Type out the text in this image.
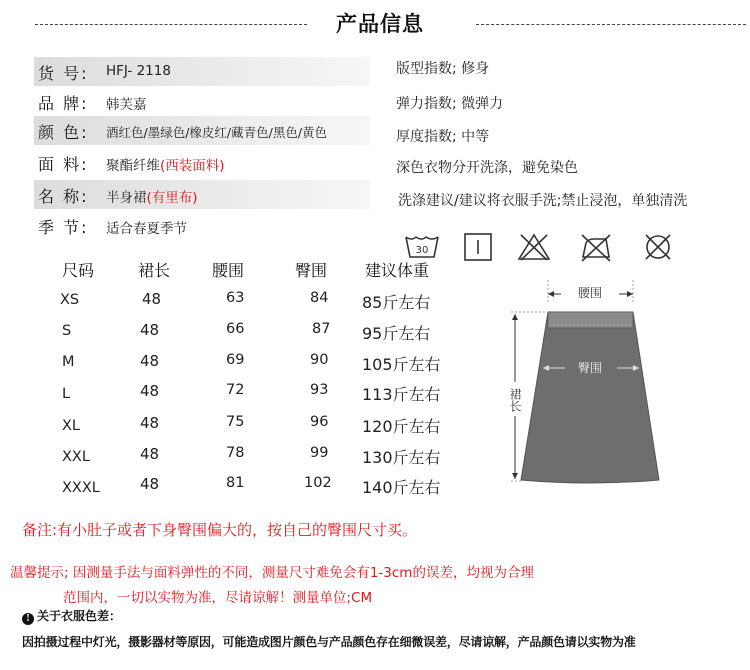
产品信息
货 号: HFJ- 2118
品 牌: 韩芙嘉
颜 色: 酒红色/墨绿色/橡皮红/藏青色/黑色/黄色
面 料: 聚酯纤维(西装面料)
名 称: 半身裙(有里布)
季 节: 适合春夏季节
版型指数; 修身
弹力指数; 微弹力
厚度指数; 中等
深色衣物分开洗涤，避免染色
洗涤建议/建议将衣服手洗;禁止浸泡，单独清洗
30
尺码	裙长	腰围	臀围 建议体重
XS	48	63	84 85斤左右
S	48	66	87 95斤左右
M	48	69	90 105斤左右
L	48	72	93 113斤左右
XL	48	75	96 120斤左右
XXL	48	78	99 130斤左右
XXXL	48	81	102 140斤左右
腰围
臀围
裙长
备注:有小肚子或者下身臀围偏大的，按自己的臀围尺寸买。
温馨提示; 因测量手法与面料弹性的不同，测量尺寸难免会有1-3cm的误差，均视为合理
范围内，一切以实物为准，尽请谅解！测量单位;CM
! 关于衣服色差：
因拍摄过程中灯光，摄影器材等原因，可能造成图片颜色与产品颜色存在细微误差，尽请谅解，产品颜色请以实物为准
